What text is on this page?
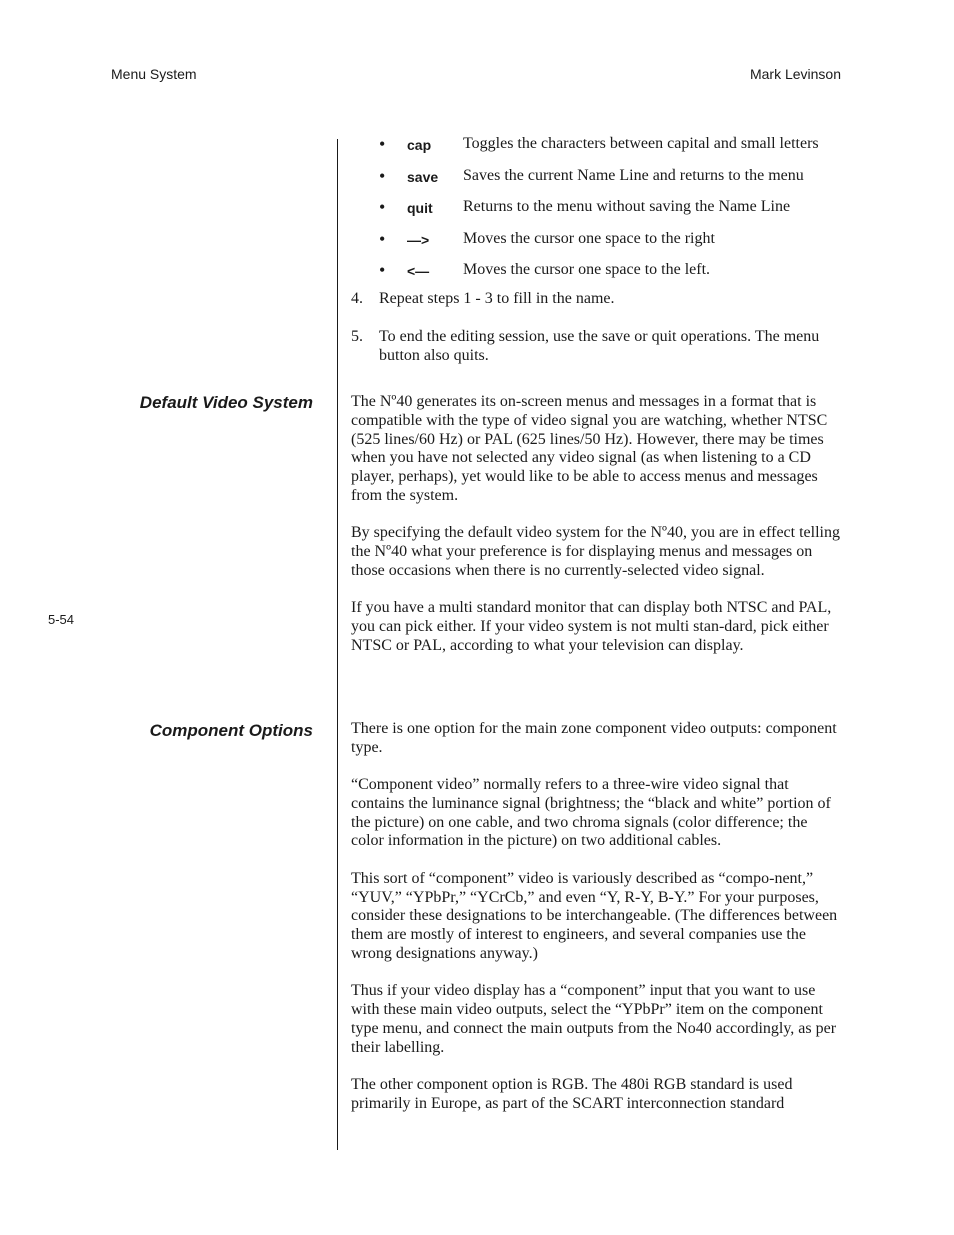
Menu System	Mark Levinson
5-54
• cap Toggles the characters between capital and small letters
• save Saves the current Name Line and returns to the menu
• quit Returns to the menu without saving the Name Line
• —> Moves the cursor one space to the right
• <— Moves the cursor one space to the left.
4. Repeat steps 1 - 3 to fill in the name.
5. To end the editing session, use the save or quit operations. The menu button also quits.
Default Video System The Nº40 generates its on-screen menus and messages in a format that is compatible with the type of video signal you are watching, whether NTSC (525 lines/60 Hz) or PAL (625 lines/50 Hz). However, there may be times when you have not selected any video signal (as when listening to a CD player, perhaps), yet would like to be able to access menus and messages from the system.

By specifying the default video system for the Nº40, you are in effect telling the Nº40 what your preference is for displaying menus and messages on those occasions when there is no currently-selected video signal.

If you have a multi standard monitor that can display both NTSC and PAL, you can pick either. If your video system is not multi stan-dard, pick either NTSC or PAL, according to what your television can display.

Component Options There is one option for the main zone component video outputs: component type.

“Component video” normally refers to a three-wire video signal that contains the luminance signal (brightness; the “black and white” portion of the picture) on one cable, and two chroma signals (color difference; the color information in the picture) on two additional cables.

This sort of “component” video is variously described as “compo-nent,” “YUV,” “YPbPr,” “YCrCb,” and even “Y, R-Y, B-Y.” For your purposes, consider these designations to be interchangeable. (The differences between them are mostly of interest to engineers, and several companies use the wrong designations anyway.)

Thus if your video display has a “component” input that you want to use with these main video outputs, select the “YPbPr” item on the component type menu, and connect the main outputs from the No40 accordingly, as per their labelling.

The other component option is RGB. The 480i RGB standard is used primarily in Europe, as part of the SCART interconnection standard
